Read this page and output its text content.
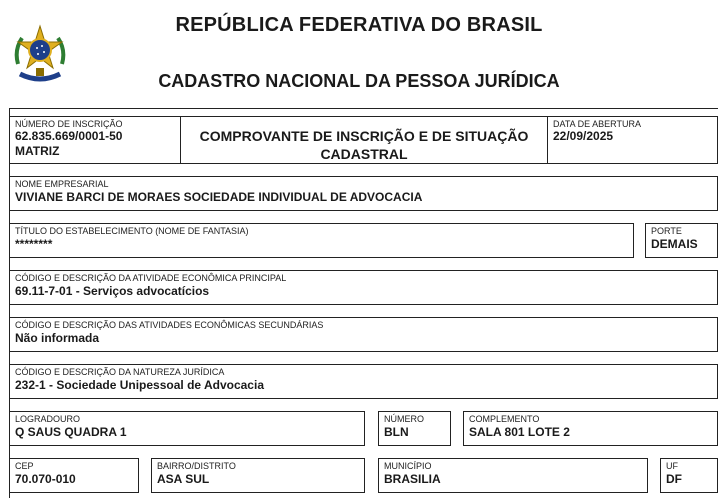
REPÚBLICA FEDERATIVA DO BRASIL
CADASTRO NACIONAL DA PESSOA JURÍDICA
NÚMERO DE INSCRIÇÃO
62.835.669/0001-50
MATRIZ
COMPROVANTE DE INSCRIÇÃO E DE SITUAÇÃO
CADASTRAL
DATA DE ABERTURA
22/09/2025
NOME EMPRESARIAL
VIVIANE BARCI DE MORAES SOCIEDADE INDIVIDUAL DE ADVOCACIA
TÍTULO DO ESTABELECIMENTO (NOME DE FANTASIA)
********
PORTE
DEMAIS
CÓDIGO E DESCRIÇÃO DA ATIVIDADE ECONÔMICA PRINCIPAL
69.11-7-01 - Serviços advocatícios
CÓDIGO E DESCRIÇÃO DAS ATIVIDADES ECONÔMICAS SECUNDÁRIAS
Não informada
CÓDIGO E DESCRIÇÃO DA NATUREZA JURÍDICA
232-1 - Sociedade Unipessoal de Advocacia
LOGRADOURO
Q SAUS QUADRA 1
NÚMERO
BLN
COMPLEMENTO
SALA 801 LOTE 2
CEP
70.070-010
BAIRRO/DISTRITO
ASA SUL
MUNICÍPIO
BRASILIA
UF
DF
